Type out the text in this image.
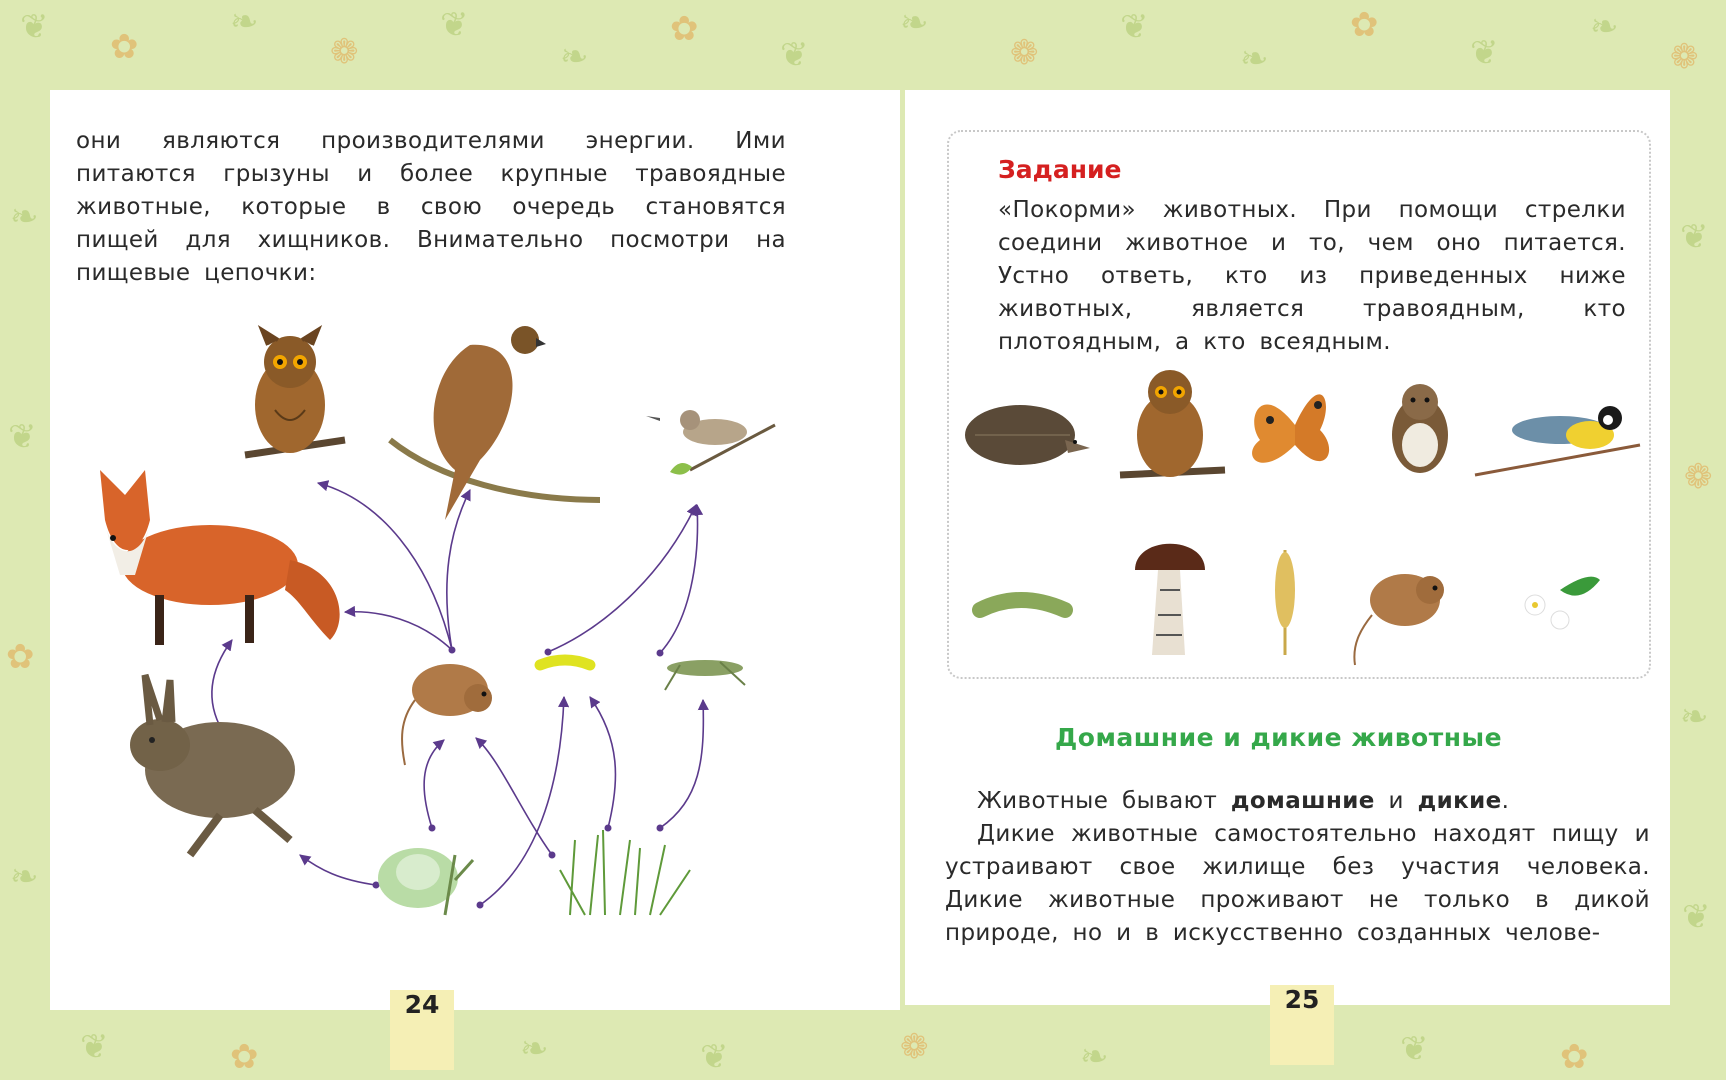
❦ ✿
❧
❁
❦
❧
✿
❦
❧
❁
❦
❧
✿
❦
❧
❁
❧
❦
✿
❧
❦
❁
❧
❦
❦	✿	❧	❦	❁	❧	❦	✿
24	25
они являются производителями энергии. Ими питаются грызуны и более крупные травоядные животные, которые в свою очередь становятся пищей для хищников. Внимательно посмотри на пищевые цепочки:
Задание

«Покорми» животных. При помощи стрелки соедини животное и то, чем оно питается. Устно ответь, кто из приведенных ниже животных, является травоядным, кто плотоядным, а кто всеядным.

Домашние и дикие животные

Животные бывают домашние и дикие.

Дикие животные самостоятельно находят пищу и устраивают свое жилище без участия человека. Дикие животные проживают не только в дикой природе, но и в искусственно созданных челове-
